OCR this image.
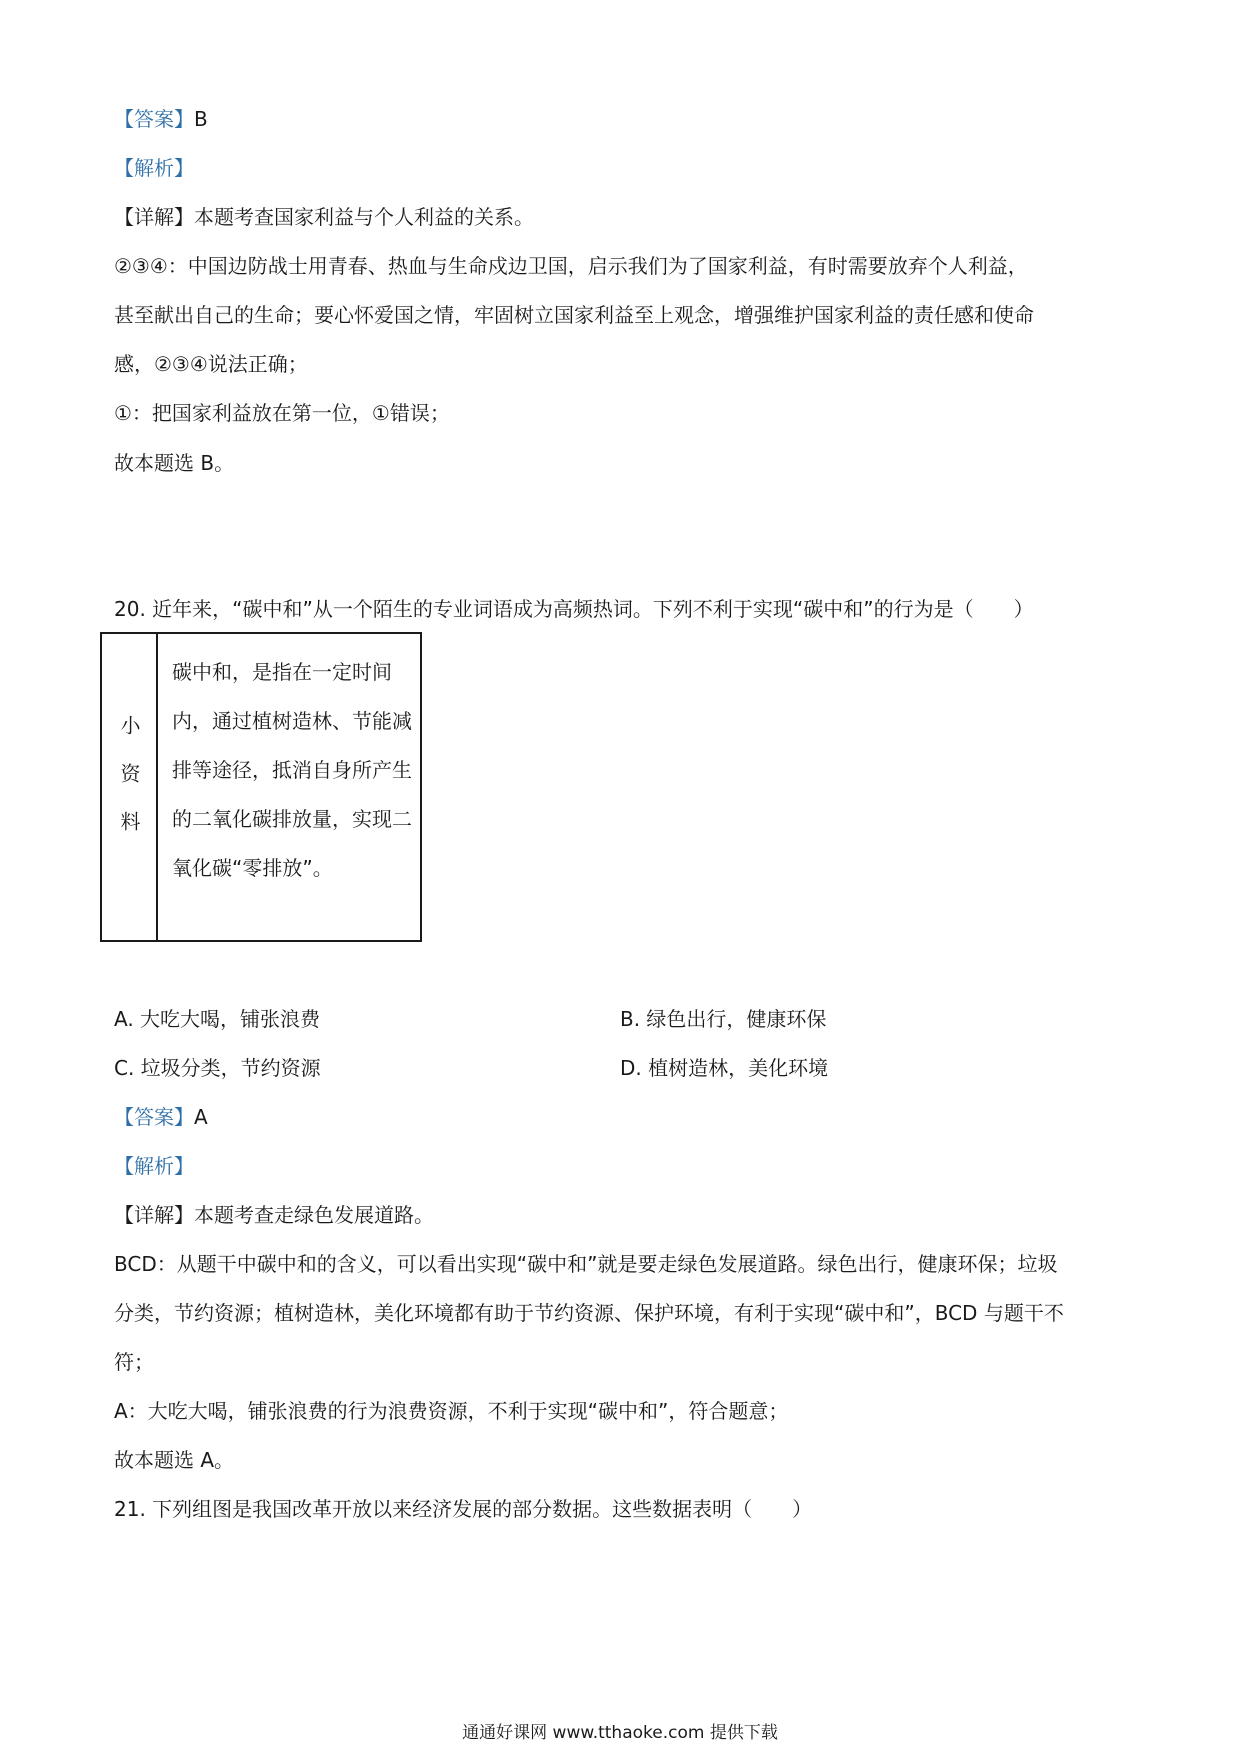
【答案】B
【解析】
【详解】本题考查国家利益与个人利益的关系。
②③④：中国边防战士用青春、热血与生命戍边卫国，启示我们为了国家利益，有时需要放弃个人利益，
甚至献出自己的生命；要心怀爱国之情，牢固树立国家利益至上观念，增强维护国家利益的责任感和使命
感，②③④说法正确；
①：把国家利益放在第一位，①错误；
故本题选 B。
20. 近年来，“碳中和”从一个陌生的专业词语成为高频热词。下列不利于实现“碳中和”的行为是（　　）
小资料
碳中和，是指在一定时间内，通过植树造林、节能减排等途径，抵消自身所产生的二氧化碳排放量，实现二氧化碳“零排放”。
A. 大吃大喝，铺张浪费	B. 绿色出行，健康环保
C. 垃圾分类，节约资源	D. 植树造林，美化环境
【答案】A
【解析】
【详解】本题考查走绿色发展道路。
BCD：从题干中碳中和的含义，可以看出实现“碳中和”就是要走绿色发展道路。绿色出行，健康环保；垃圾
分类，节约资源；植树造林，美化环境都有助于节约资源、保护环境，有利于实现“碳中和”，BCD 与题干不
符；
A：大吃大喝，铺张浪费的行为浪费资源，不利于实现“碳中和”，符合题意；
故本题选 A。
21. 下列组图是我国改革开放以来经济发展的部分数据。这些数据表明（　　）
通通好课网 www.tthaoke.com 提供下载
